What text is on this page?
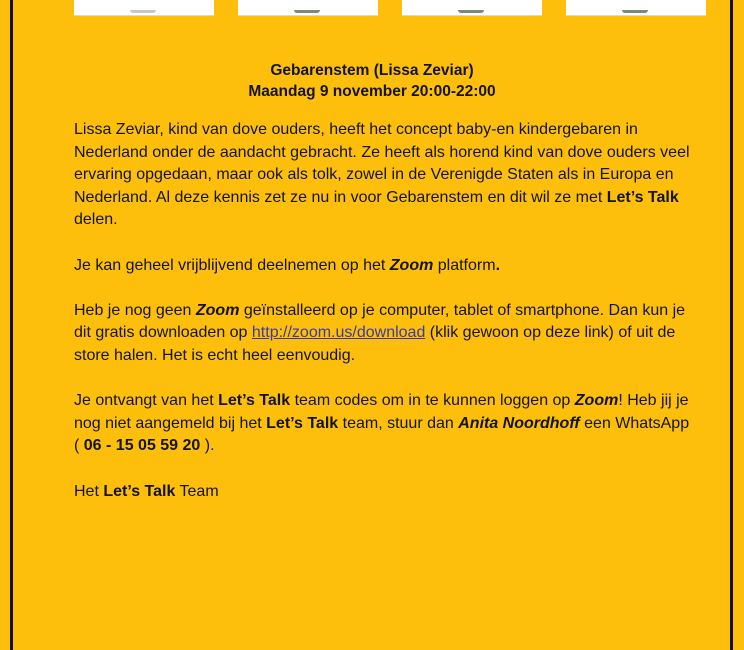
Gebarenstem (Lissa Zeviar)
Maandag 9 november 20:00-22:00

Lissa Zeviar, kind van dove ouders, heeft het concept baby-en kindergebaren in Nederland onder de aandacht gebracht. Ze heeft als horend kind van dove ouders veel ervaring opgedaan, maar ook als tolk, zowel in de Verenigde Staten als in Europa en Nederland. Al deze kennis zet ze nu in voor Gebarenstem en dit wil ze met Let’s Talk delen.

Je kan geheel vrijblijvend deelnemen op het Zoom platform.

Heb je nog geen Zoom geïnstalleerd op je computer, tablet of smartphone. Dan kun je dit gratis downloaden op http://zoom.us/download (klik gewoon op deze link) of uit de store halen. Het is echt heel eenvoudig.

Je ontvangt van het Let’s Talk team codes om in te kunnen loggen op Zoom! Heb jij je nog niet aangemeld bij het Let’s Talk team, stuur dan Anita Noordhoff een WhatsApp ( 06 - 15 05 59 20 ).

Het Let’s Talk Team
